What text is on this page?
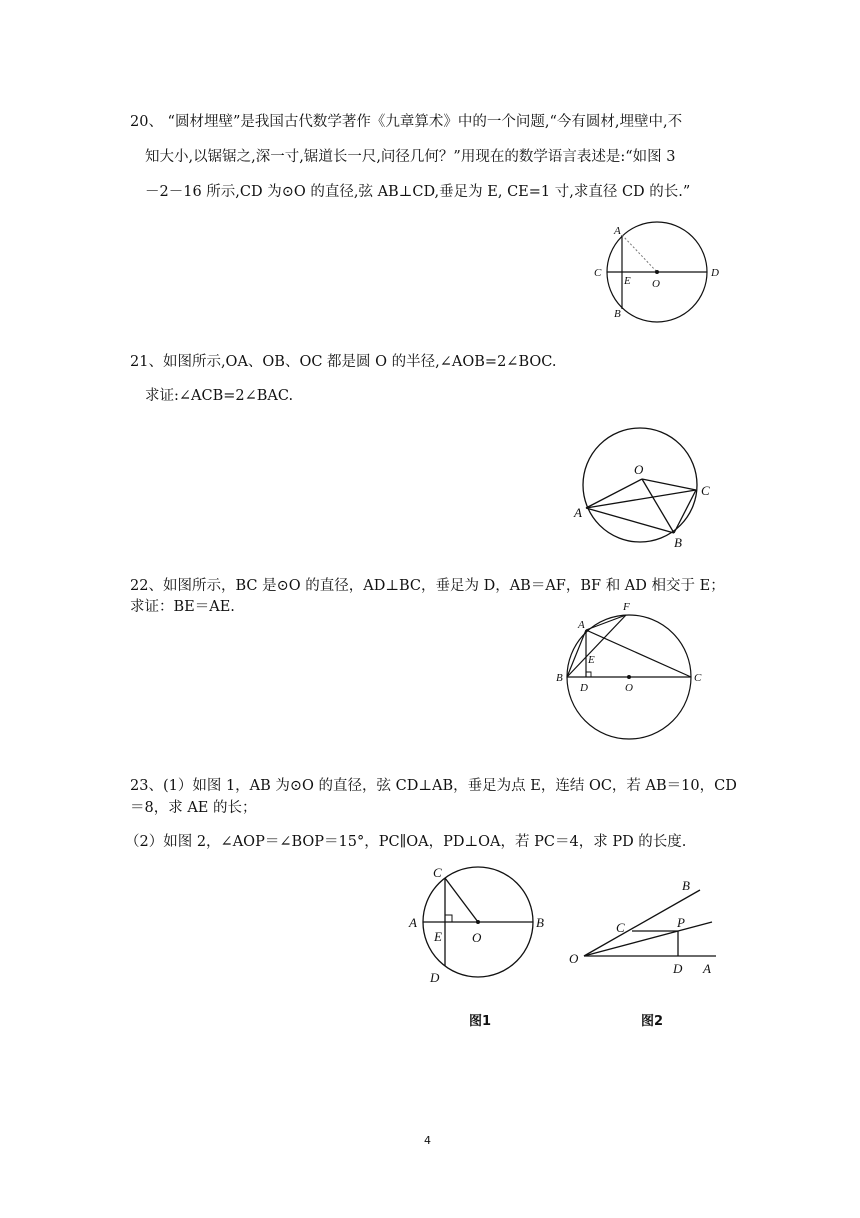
20、 “圆材埋壁”是我国古代数学著作《九章算术》中的一个问题,“今有圆材,埋壁中,不
知大小,以锯锯之,深一寸,锯道长一尺,问径几何？”用现在的数学语言表述是:“如图 3
－2－16 所示,CD 为⊙O 的直径,弦 AB⊥CD,垂足为 E, CE=1 寸,求直径 CD 的长.”
A
C	D
E O
B
21、如图所示,OA、OB、OC 都是圆 O 的半径,∠AOB=2∠BOC.
求证:∠ACB=2∠BAC.
O
C
A
B
22、如图所示，BC 是⊙O 的直径，AD⊥BC，垂足为 D，AB＝AF，BF 和 AD 相交于 E；
求证：BE＝AE.	F
A
E
B
D	O
C
23、(1）如图 1，AB 为⊙O 的直径，弦 CD⊥AB，垂足为点 E，连结 OC，若 AB＝10，CD
＝8，求 AE 的长；
（2）如图 2，∠AOP＝∠BOP＝15°，PC∥OA，PD⊥OA，若 PC＝4，求 PD 的长度.
C
A
E O
B
D
B
C	P
O
D A
图1	图2
4
